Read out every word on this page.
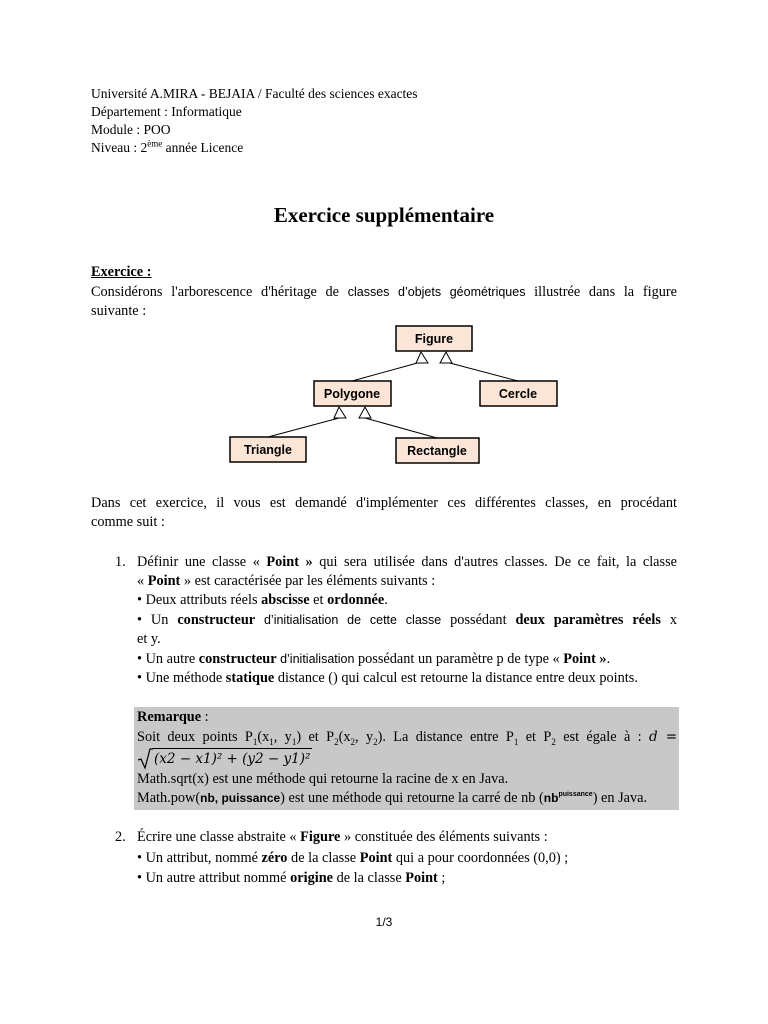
Université A.MIRA - BEJAIA / Faculté des sciences exactes
Département : Informatique
Module : POO
Niveau : 2ème année Licence
Exercice supplémentaire
Exercice :
Considérons l'arborescence d'héritage de classes d’objets géométriques illustrée dans la figure
suivante :
Figure
Polygone	Cercle
Triangle	Rectangle
Dans cet exercice, il vous est demandé d'implémenter ces différentes classes, en procédant
comme suit :
1. Définir une classe « Point » qui sera utilisée dans d'autres classes. De ce fait, la classe
« Point » est caractérisée par les éléments suivants :
• Deux attributs réels abscisse et ordonnée.
• Un constructeur d’initialisation de cette classe possédant deux paramètres réels x
et y.
• Un autre constructeur d’initialisation possédant un paramètre p de type « Point ».
• Une méthode statique distance () qui calcul est retourne la distance entre deux points.
Remarque :
Soit deux points $P_1(x_1$, $y_1$) et $P_2(x_2$, $y_2$). La distance entre $P_1$ et $P_2$ est égale à : d =
(x2 − x1)² + (y2 − y1)²
Math.sqrt(x) est une méthode qui retourne la racine de x en Java.
Math.pow(nb, puissance) est une méthode qui retourne la carré de nb $(nb^{puissance})$ en Java.
2. Écrire une classe abstraite « Figure » constituée des éléments suivants :
• Un attribut, nommé zéro de la classe Point qui a pour coordonnées (0,0) ;
• Un autre attribut nommé origine de la classe Point ;
1/3
